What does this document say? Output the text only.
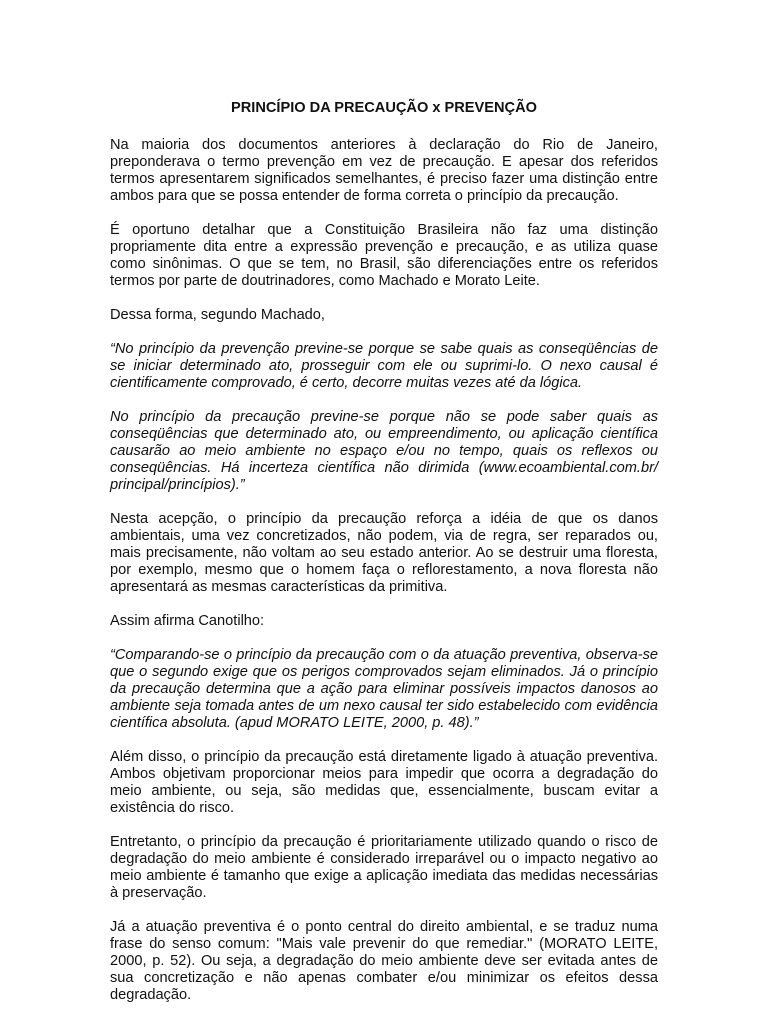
PRINCÍPIO DA PRECAUÇÃO x PREVENÇÃO

Na maioria dos documentos anteriores à declaração do Rio de Janeiro, preponderava o termo prevenção em vez de precaução. E apesar dos referidos termos apresentarem significados semelhantes, é preciso fazer uma distinção entre ambos para que se possa entender de forma correta o princípio da precaução.

É oportuno detalhar que a Constituição Brasileira não faz uma distinção propriamente dita entre a expressão prevenção e precaução, e as utiliza quase como sinônimas. O que se tem, no Brasil, são diferenciações entre os referidos termos por parte de doutrinadores, como Machado e Morato Leite.

Dessa forma, segundo Machado,

“No princípio da prevenção previne-se porque se sabe quais as conseqüências de se iniciar determinado ato, prosseguir com ele ou suprimi-lo. O nexo causal é cientificamente comprovado, é certo, decorre muitas vezes até da lógica.

No princípio da precaução previne-se porque não se pode saber quais as conseqüências que determinado ato, ou empreendimento, ou aplicação científica causarão ao meio ambiente no espaço e/ou no tempo, quais os reflexos ou conseqüências. Há incerteza científica não dirimida (www.ecoambiental.com.br/ principal/princípios).”

Nesta acepção, o princípio da precaução reforça a idéia de que os danos ambientais, uma vez concretizados, não podem, via de regra, ser reparados ou, mais precisamente, não voltam ao seu estado anterior. Ao se destruir uma floresta, por exemplo, mesmo que o homem faça o reflorestamento, a nova floresta não apresentará as mesmas características da primitiva.

Assim afirma Canotilho:

“Comparando-se o princípio da precaução com o da atuação preventiva, observa-se que o segundo exige que os perigos comprovados sejam eliminados. Já o princípio da precaução determina que a ação para eliminar possíveis impactos danosos ao ambiente seja tomada antes de um nexo causal ter sido estabelecido com evidência científica absoluta. (apud MORATO LEITE, 2000, p. 48).”

Além disso, o princípio da precaução está diretamente ligado à atuação preventiva. Ambos objetivam proporcionar meios para impedir que ocorra a degradação do meio ambiente, ou seja, são medidas que, essencialmente, buscam evitar a existência do risco.

Entretanto, o princípio da precaução é prioritariamente utilizado quando o risco de degradação do meio ambiente é considerado irreparável ou o impacto negativo ao meio ambiente é tamanho que exige a aplicação imediata das medidas necessárias à preservação.

Já a atuação preventiva é o ponto central do direito ambiental, e se traduz numa frase do senso comum: "Mais vale prevenir do que remediar." (MORATO LEITE, 2000, p. 52). Ou seja, a degradação do meio ambiente deve ser evitada antes de sua concretização e não apenas combater e/ou minimizar os efeitos dessa degradação.
